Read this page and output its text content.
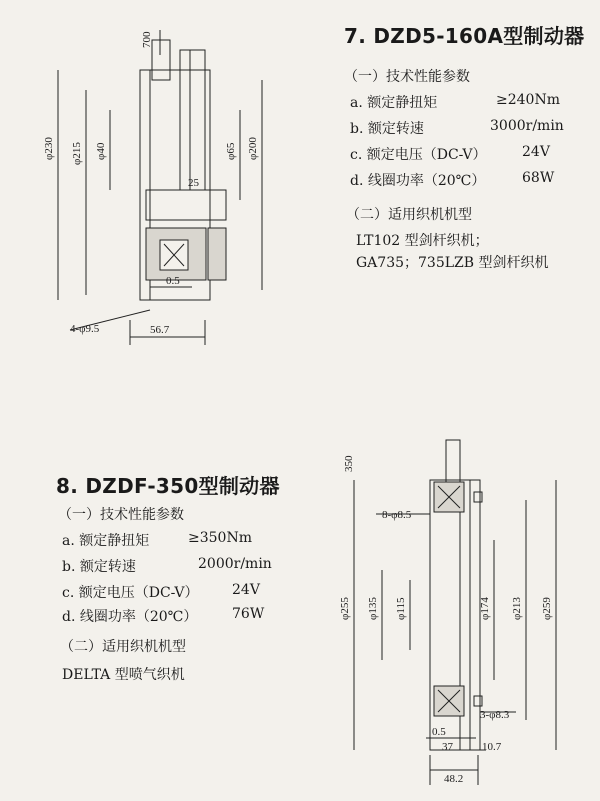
700
φ230 φ215 φ40	φ65 φ200
25
0.5
4-φ9.5	56.7
7. DZD5-160A型制动器
（一）技术性能参数
a. 额定静扭矩	≥240Nm
b. 额定转速	3000r/min
c. 额定电压（DC-V）	24V
d. 线圈功率（20℃）	68W
（二）适用织机机型
LT102 型剑杆织机；
GA735；735LZB 型剑杆织机
8. DZDF-350型制动器
（一）技术性能参数
a. 额定静扭矩	≥350Nm
b. 额定转速	2000r/min
c. 额定电压（DC-V） 24V
d. 线圈功率（20℃） 76W
（二）适用织机机型
DELTA 型喷气织机
350
8-φ8.5
φ255 φ135 φ115	φ174 φ213 φ259
3-φ8.3
0.5
37	10.7
48.2
